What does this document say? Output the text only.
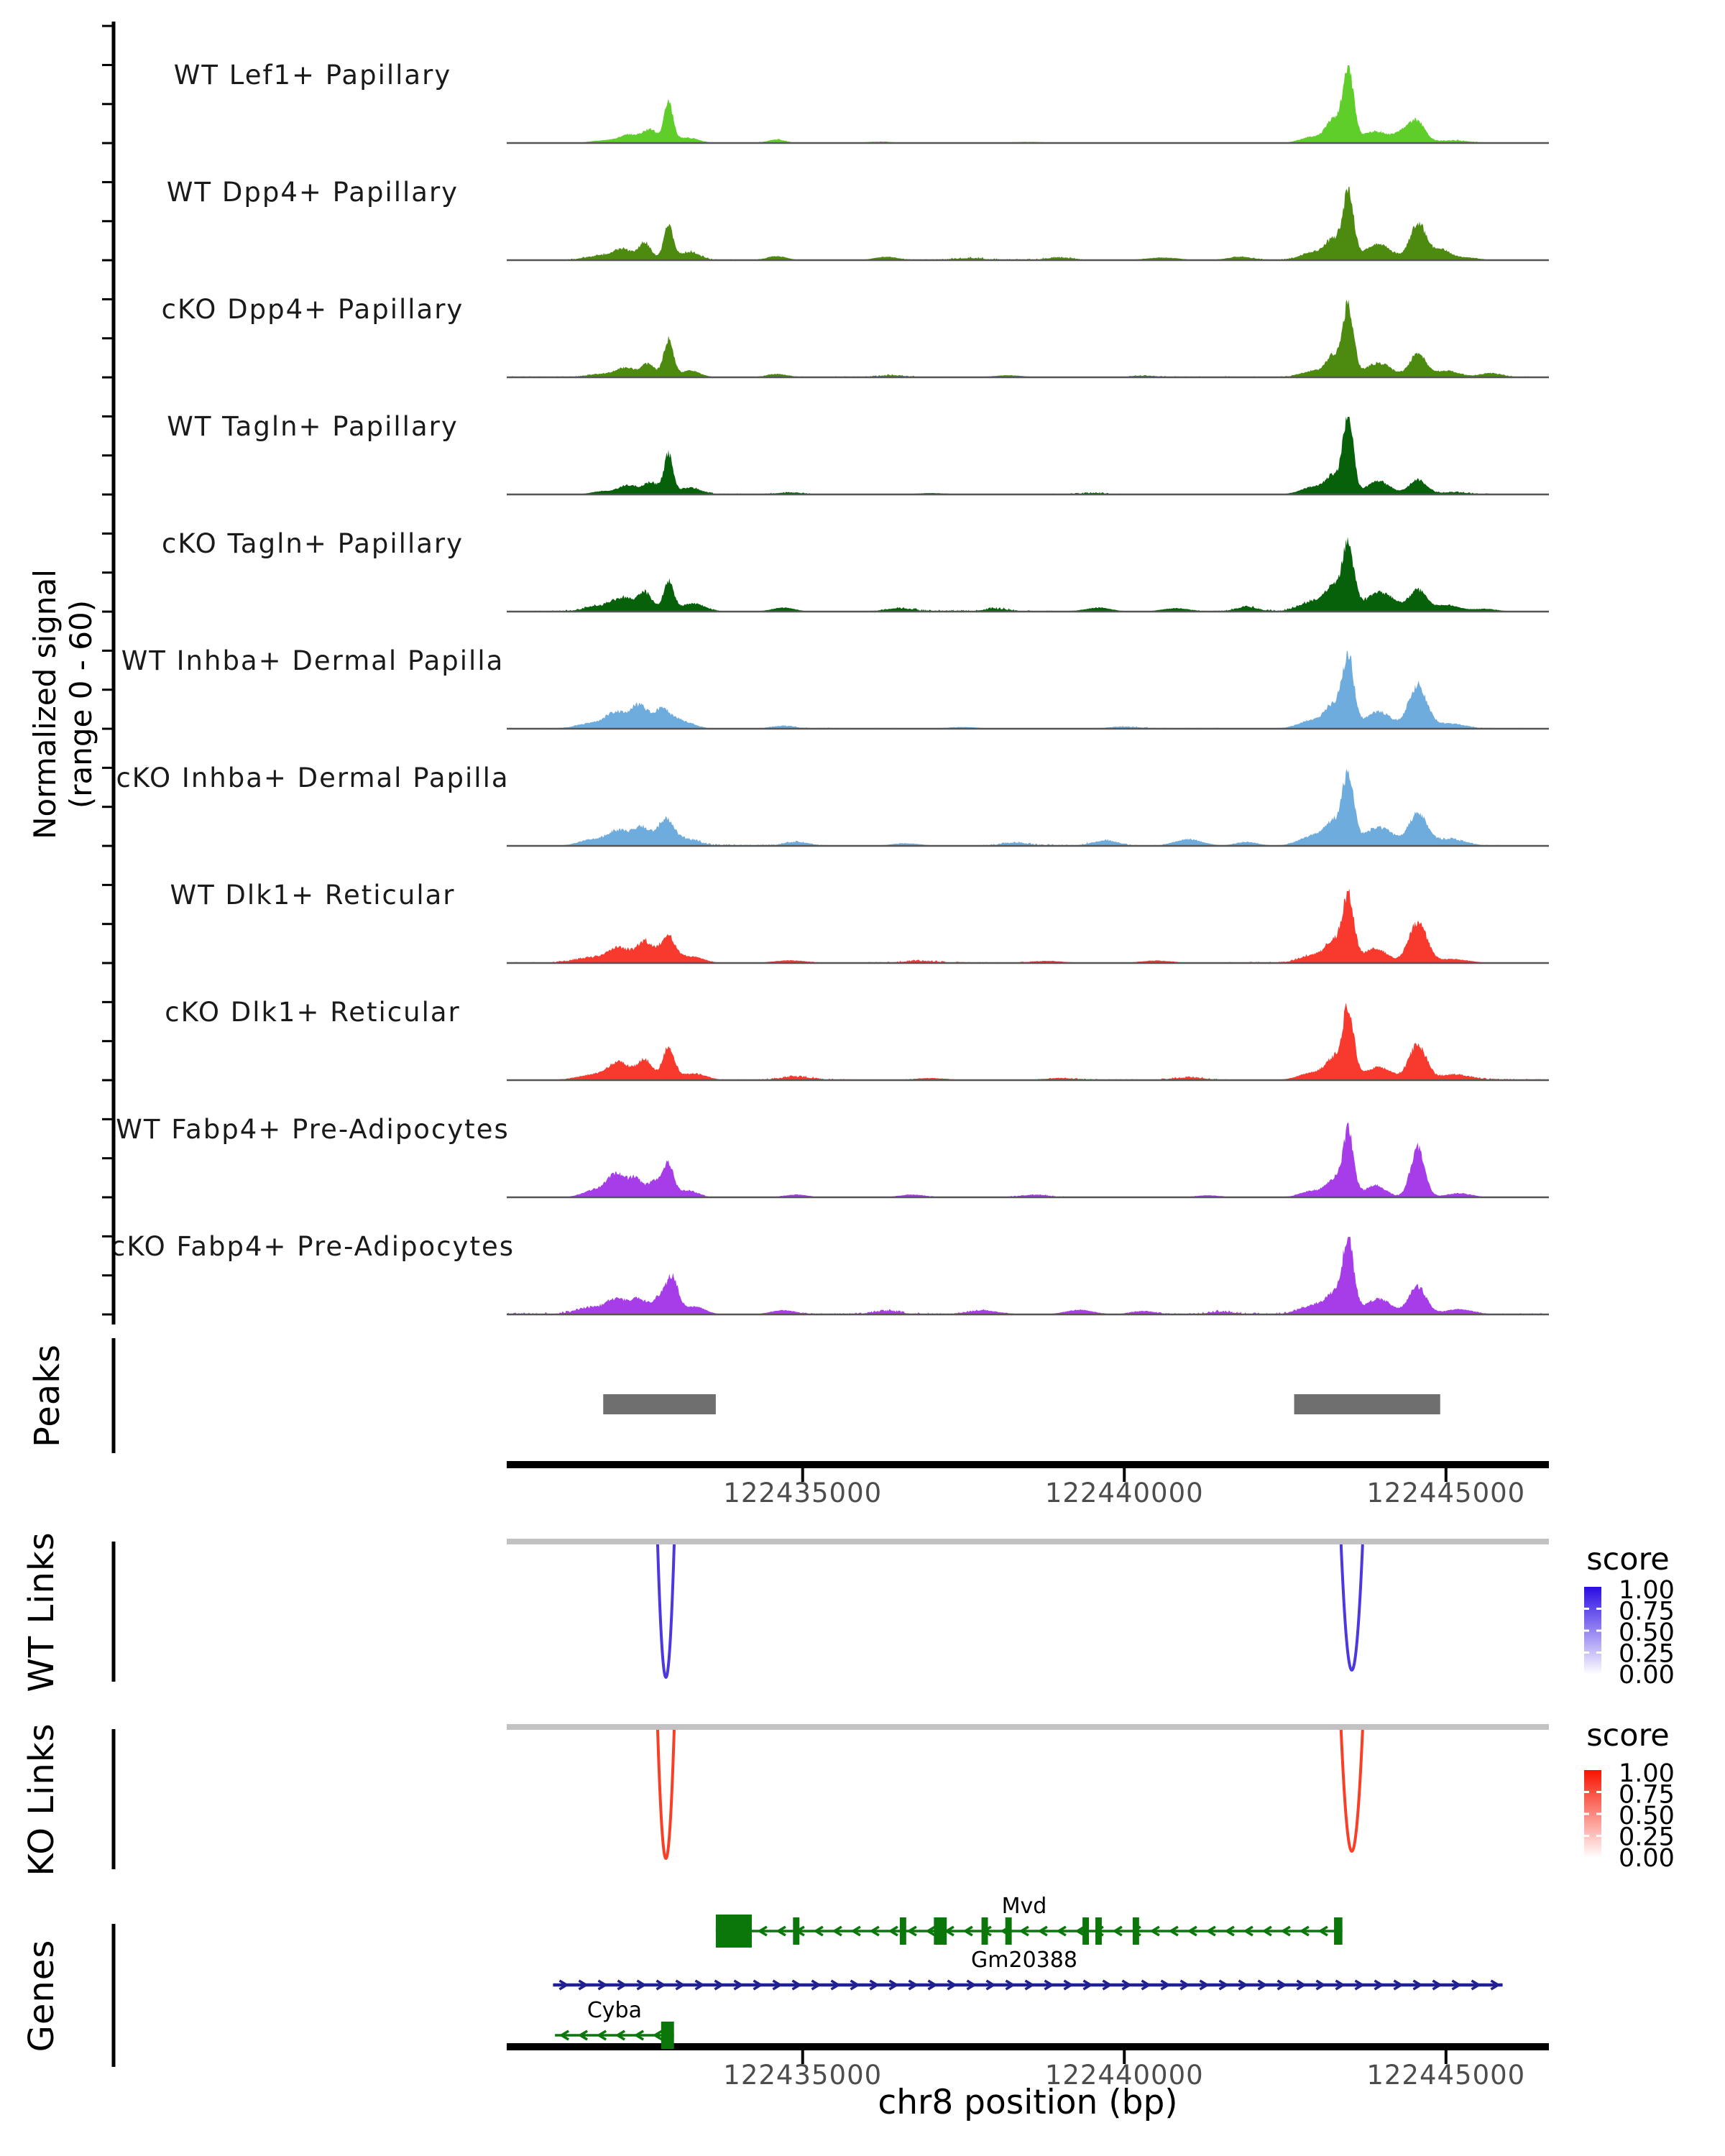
WT Lef1+ Papillary
WT Dpp4+ Papillary
cKO Dpp4+ Papillary
WT Tagln+ Papillary
cKO Tagln+ Papillary
WT Inhba+ Dermal Papilla
cKO Inhba+ Dermal Papilla
WT Dlk1+ Reticular
cKO Dlk1+ Reticular
WT Fabp4+ Pre-Adipocytes
cKO Fabp4+ Pre-Adipocytes
122435000	122440000	122445000
122435000	122440000	122445000
1.00
0.75
0.50
0.25
0.00
1.00
0.75
0.50
0.25
0.00
Mvd
Gm20388
Cyba
Normalized signal (range 0 - 60)
Peaks
WT Links
KO Links
Genes
score
score
chr8 position (bp)
